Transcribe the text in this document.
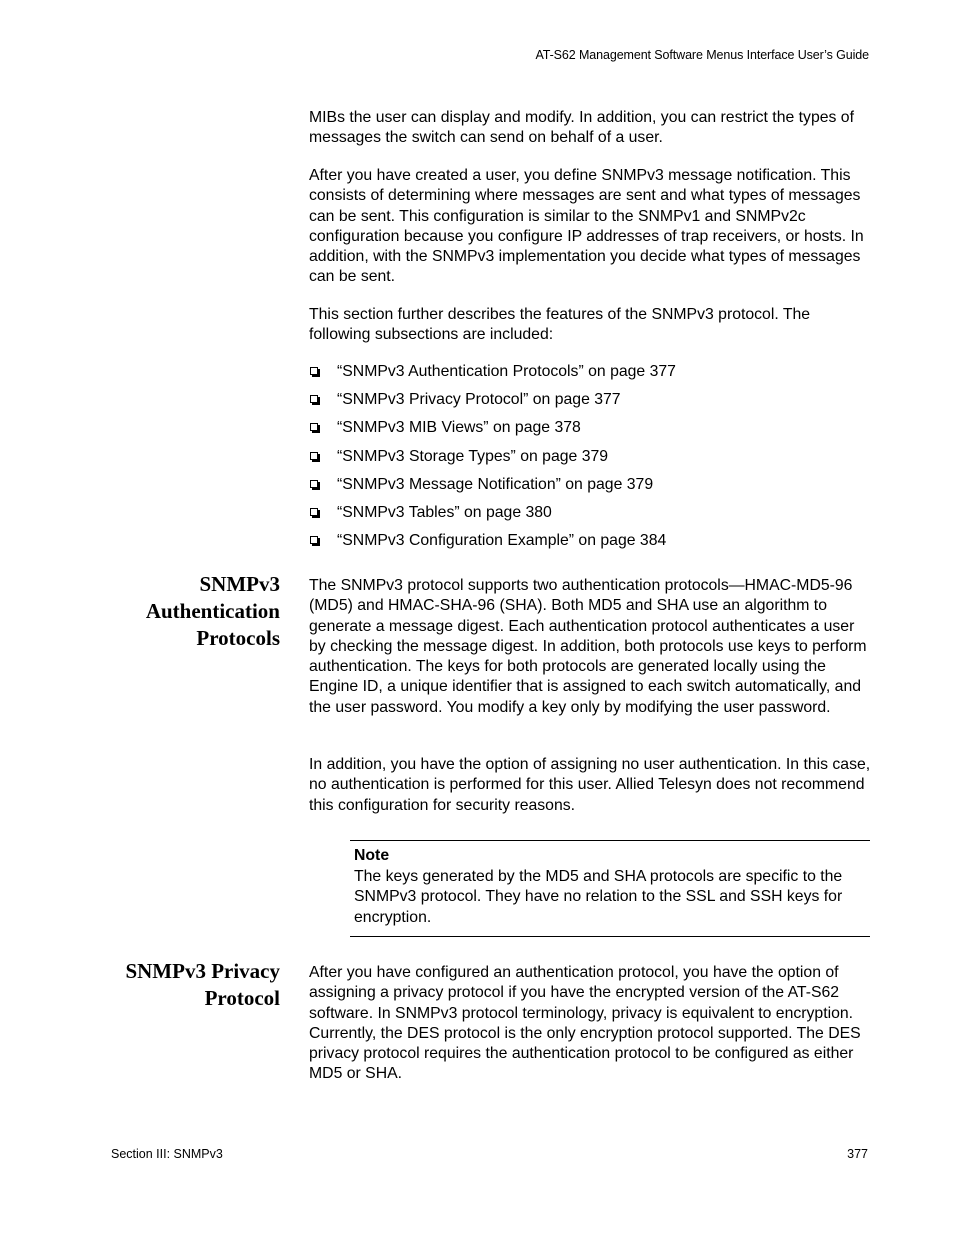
AT-S62 Management Software Menus Interface User’s Guide

MIBs the user can display and modify. In addition, you can restrict the types of messages the switch can send on behalf of a user.

After you have created a user, you define SNMPv3 message notification. This consists of determining where messages are sent and what types of messages can be sent. This configuration is similar to the SNMPv1 and SNMPv2c configuration because you configure IP addresses of trap receivers, or hosts. In addition, with the SNMPv3 implementation you decide what types of messages can be sent.

This section further describes the features of the SNMPv3 protocol. The following subsections are included:

“SNMPv3 Authentication Protocols” on page 377
“SNMPv3 Privacy Protocol” on page 377
“SNMPv3 MIB Views” on page 378
“SNMPv3 Storage Types” on page 379
“SNMPv3 Message Notification” on page 379
“SNMPv3 Tables” on page 380
“SNMPv3 Configuration Example” on page 384
SNMPv3
Authentication
Protocols

The SNMPv3 protocol supports two authentication protocols—HMAC-MD5-96 (MD5) and HMAC-SHA-96 (SHA). Both MD5 and SHA use an algorithm to generate a message digest. Each authentication protocol authenticates a user by checking the message digest. In addition, both protocols use keys to perform authentication. The keys for both protocols are generated locally using the Engine ID, a unique identifier that is assigned to each switch automatically, and the user password. You modify a key only by modifying the user password.

In addition, you have the option of assigning no user authentication. In this case, no authentication is performed for this user. Allied Telesyn does not recommend this configuration for security reasons.

Note
The keys generated by the MD5 and SHA protocols are specific to the SNMPv3 protocol. They have no relation to the SSL and SSH keys for encryption.
SNMPv3 Privacy
Protocol

After you have configured an authentication protocol, you have the option of assigning a privacy protocol if you have the encrypted version of the AT-S62 software. In SNMPv3 protocol terminology, privacy is equivalent to encryption. Currently, the DES protocol is the only encryption protocol supported. The DES privacy protocol requires the authentication protocol to be configured as either MD5 or SHA.

Section III: SNMPv3	377
